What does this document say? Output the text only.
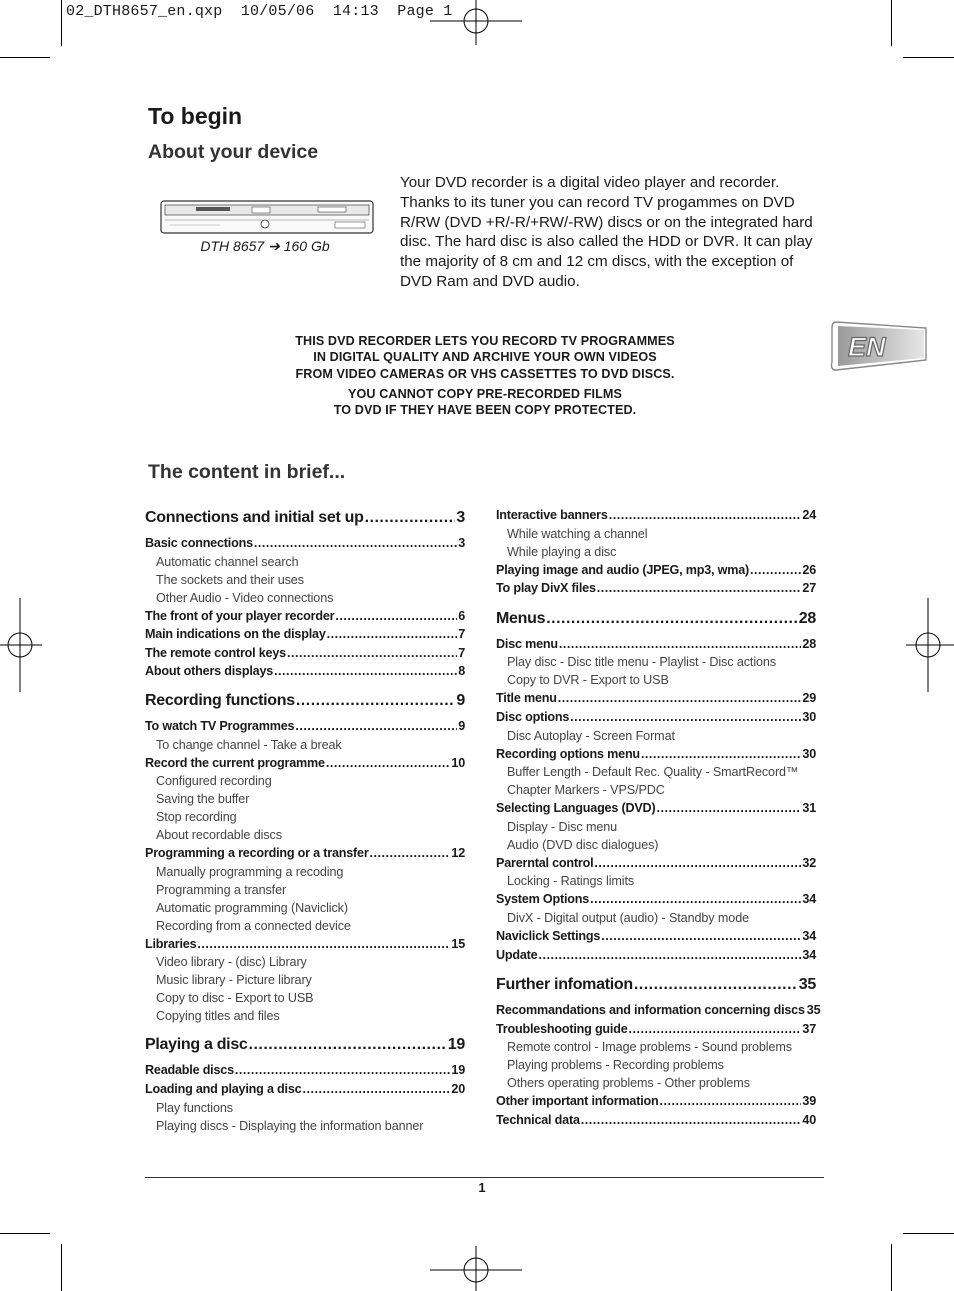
02_DTH8657_en.qxp  10/05/06  14:13  Page 1
To begin
About your device
DTH 8657 ➔ 160 Gb
Your DVD recorder is a digital video player and recorder. Thanks to its tuner you can record TV progammes on DVD R/RW (DVD +R/-R/+RW/-RW) discs or on the integrated hard disc. The hard disc is also called the HDD or DVR. It can play the majority of 8 cm and 12 cm discs, with the exception of DVD Ram and DVD audio.
THIS DVD RECORDER LETS YOU RECORD TV PROGRAMMES
IN DIGITAL QUALITY AND ARCHIVE YOUR OWN VIDEOS
FROM VIDEO CAMERAS OR VHS CASSETTES TO DVD DISCS.
YOU CANNOT COPY PRE-RECORDED FILMS
TO DVD IF THEY HAVE BEEN COPY PROTECTED.
EN
The content in brief...
Connections and initial set up .....	3
Basic connections .....	3
Automatic channel search
The sockets and their uses
Other Audio - Video connections
The front of your player recorder .....	6
Main indications on the display .....	7
The remote control keys .....	7
About others displays .....	8
Recording functions .....	9
To watch TV Programmes .....	9
To change channel - Take a break
Record the current programme .....	10
Configured recording
Saving the buffer
Stop recording
About recordable discs
Programming a recording or a transfer .....	12
Manually programming a recoding
Programming a transfer
Automatic programming (Naviclick)
Recording from a connected device
Libraries .....	15
Video library - (disc) Library
Music library - Picture library
Copy to disc - Export to USB
Copying titles and files
Playing a disc .....	19
Readable discs .....	19
Loading and playing a disc .....	20
Play functions
Playing discs - Displaying the information banner
Interactive banners .....	24
While watching a channel
While playing a disc
Playing image and audio (JPEG, mp3, wma) .....	26
To play DivX files .....	27
Menus .....	28
Disc menu .....	28
Play disc - Disc title menu - Playlist - Disc actions
Copy to DVR - Export to USB
Title menu .....	29
Disc options .....	30
Disc Autoplay - Screen Format
Recording options menu .....	30
Buffer Length - Default Rec. Quality - SmartRecord™
Chapter Markers - VPS/PDC
Selecting Languages (DVD) .....	31
Display - Disc menu
Audio (DVD disc dialogues)
Parerntal control .....	32
Locking - Ratings limits
System Options .....	34
DivX - Digital output (audio) - Standby mode
Naviclick Settings .....	34
Update .....	34
Further infomation .....	35
Recommandations and information concerning discs 35
Troubleshooting guide .....	37
Remote control - Image problems - Sound problems
Playing problems - Recording problems
Others operating problems - Other problems
Other important information .....	39
Technical data .....	40
1
